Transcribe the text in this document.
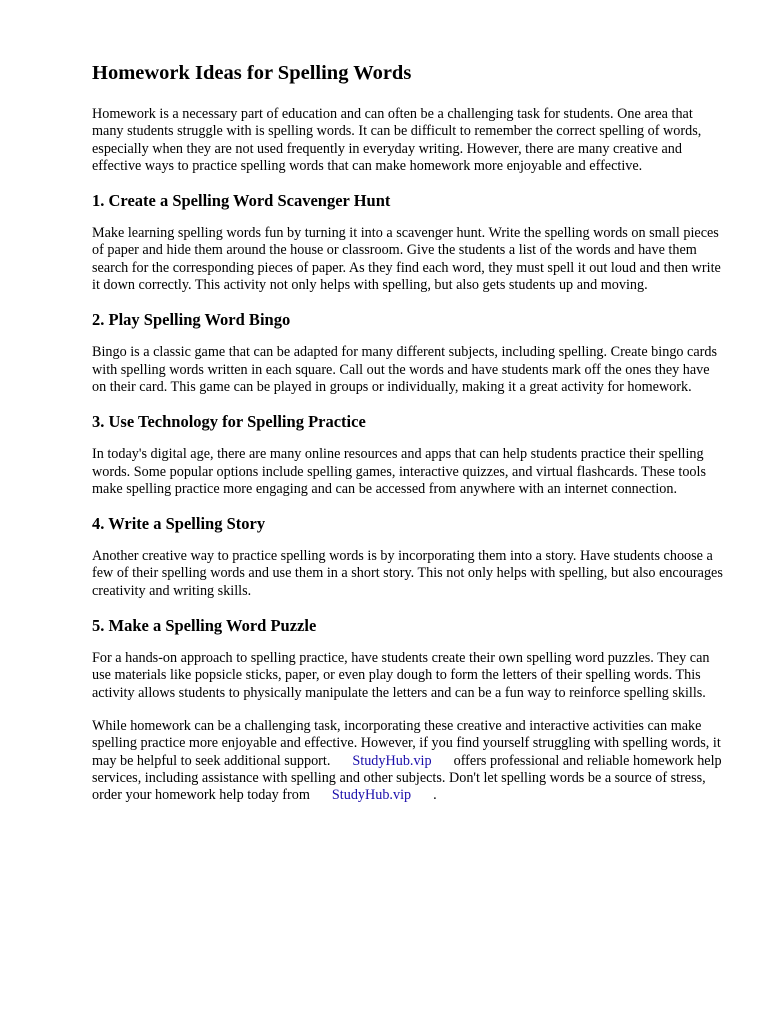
Homework Ideas for Spelling Words

Homework is a necessary part of education and can often be a challenging task for students. One area that many students struggle with is spelling words. It can be difficult to remember the correct spelling of words, especially when they are not used frequently in everyday writing. However, there are many creative and effective ways to practice spelling words that can make homework more enjoyable and effective.

1. Create a Spelling Word Scavenger Hunt

Make learning spelling words fun by turning it into a scavenger hunt. Write the spelling words on small pieces of paper and hide them around the house or classroom. Give the students a list of the words and have them search for the corresponding pieces of paper. As they find each word, they must spell it out loud and then write it down correctly. This activity not only helps with spelling, but also gets students up and moving.

2. Play Spelling Word Bingo

Bingo is a classic game that can be adapted for many different subjects, including spelling. Create bingo cards with spelling words written in each square. Call out the words and have students mark off the ones they have on their card. This game can be played in groups or individually, making it a great activity for homework.

3. Use Technology for Spelling Practice

In today's digital age, there are many online resources and apps that can help students practice their spelling words. Some popular options include spelling games, interactive quizzes, and virtual flashcards. These tools make spelling practice more engaging and can be accessed from anywhere with an internet connection.

4. Write a Spelling Story

Another creative way to practice spelling words is by incorporating them into a story. Have students choose a few of their spelling words and use them in a short story. This not only helps with spelling, but also encourages creativity and writing skills.

5. Make a Spelling Word Puzzle

For a hands-on approach to spelling practice, have students create their own spelling word puzzles. They can use materials like popsicle sticks, paper, or even play dough to form the letters of their spelling words. This activity allows students to physically manipulate the letters and can be a fun way to reinforce spelling skills.

While homework can be a challenging task, incorporating these creative and interactive activities can make spelling practice more enjoyable and effective. However, if you find yourself struggling with spelling words, it may be helpful to seek additional support. StudyHub.vip offers professional and reliable homework help services, including assistance with spelling and other subjects. Don't let spelling words be a source of stress, order your homework help today from StudyHub.vip .
